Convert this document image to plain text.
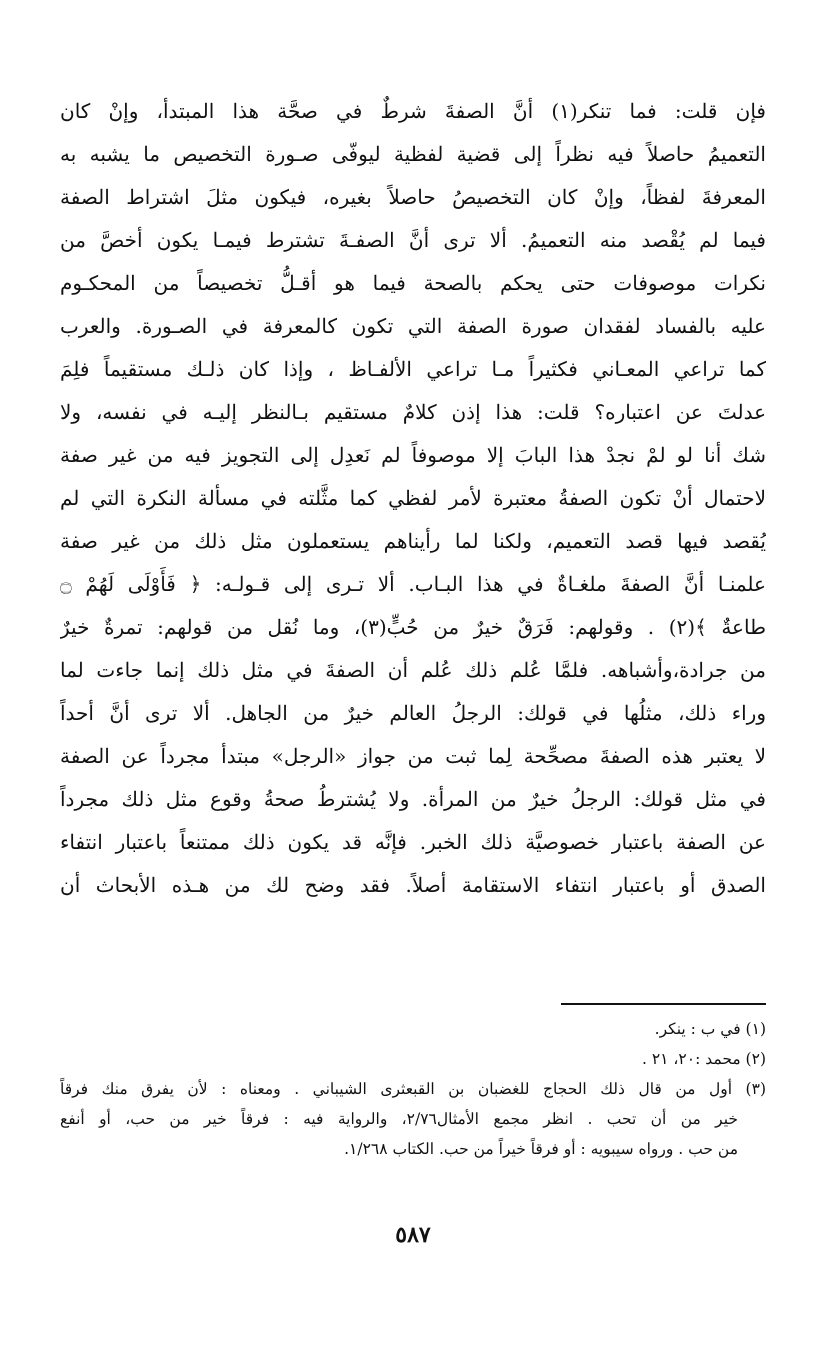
فإن قلت: فما تنكر(١) أنَّ الصفةَ شرطٌ في صحَّة هذا المبتدأ، وإنْ كان

التعميمُ حاصلاً فيه نظراً إلى قضية لفظية ليوفّى صـورة التخصيص ما يشبه به

المعرفةَ لفظاً، وإنْ كان التخصيصُ حاصلاً بغيره، فيكون مثلَ اشتراط الصفة

فيما لم يُقْصد منه التعميمُ. ألا ترى أنَّ الصفـةَ تشترط فيمـا يكون أخصَّ من

نكرات موصوفات حتى يحكم بالصحة فيما هو أقـلُّ تخصيصاً من المحكـوم

عليه بالفساد لفقدان صورة الصفة التي تكون كالمعرفة في الصـورة. والعرب

كما تراعي المعـاني فكثيراً مـا تراعي الألفـاظ ، وإذا كان ذلـك مستقيماً فلِمَ

عدلتَ عن اعتباره؟ قلت: هذا إذن كلامٌ مستقيم بـالنظر إليـه في نفسه، ولا

شك أنا لو لمْ نجدْ هذا البابَ إلا موصوفاً لم نَعدِل إلى التجويز فيه من غير صفة

لاحتمال أنْ تكون الصفةُ معتبرة لأمر لفظي كما مثَّلته في مسألة النكرة التي لم

يُقصد فيها قصد التعميم، ولكنا لما رأيناهم يستعملون مثل ذلك من غير صفة

علمنـا أنَّ الصفةَ ملغـاةٌ في هذا البـاب. ألا تـرى إلى قـولـه: ﴿ فَأَوْلَى لَهُمْ ۝

طاعةٌ ﴾(٢) . وقولهم: فَرَقٌ خيرٌ من حُبٍّ(٣)، وما نُقل من قولهم: تمرةٌ خيرٌ

من جرادة،وأشباهه. فلمَّا عُلم ذلك عُلم أن الصفةَ في مثل ذلك إنما جاءت لما

وراء ذلك، مثلُها في قولك: الرجلُ العالم خيرٌ من الجاهل. ألا ترى أنَّ أحداً

لا يعتبر هذه الصفةَ مصحِّحة لِما ثبت من جواز «الرجل» مبتدأ مجرداً عن الصفة

في مثل قولك: الرجلُ خيرٌ من المرأة. ولا يُشترطُ صحةُ وقوع مثل ذلك مجرداً

عن الصفة باعتبار خصوصيَّة ذلك الخبر. فإنَّه قد يكون ذلك ممتنعاً باعتبار انتفاء

الصدق أو باعتبار انتفاء الاستقامة أصلاً. فقد وضح لك من هـذه الأبحاث أن

(١) في ب : ينكر.

(٢) محمد :٢٠، ٢١ .

(٣) أول من قال ذلك الحجاج للغضبان بن القبعثرى الشيباني . ومعناه : لأن يفرق منك فرقاً

خير من أن تحب . انظر مجمع الأمثال٢/٧٦، والرواية فيه : فرقاً خير من حب، أو أنفع

من حب . ورواه سيبويه : أو فرقاً خيراً من حب. الكتاب ١/٢٦٨.

٥٨٧
